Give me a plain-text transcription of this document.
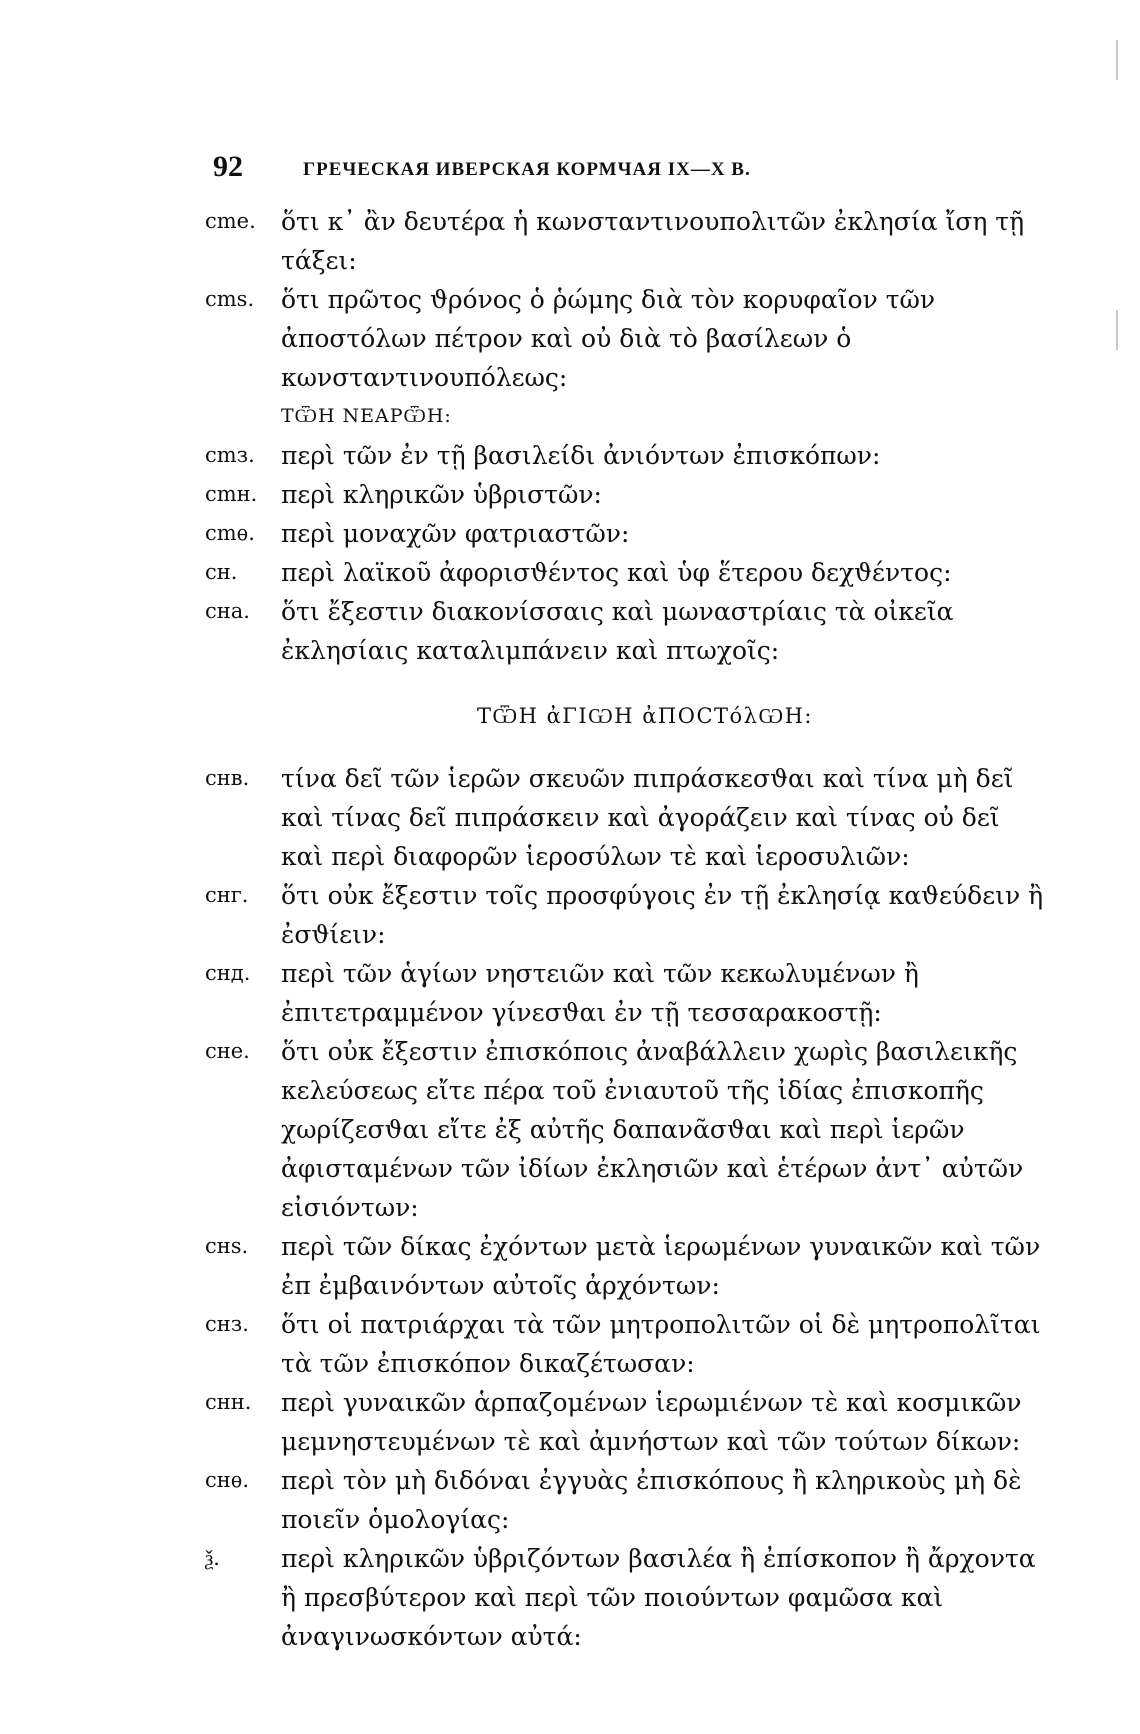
92	ГРЕЧЕСКАЯ ИВЕРСКАЯ КОРМЧАЯ IX—X B.
cme.	ὅτι κ᾽ ἂν δευτέρα ἡ κωνσταντινουπολιτῶν ἐκλησία ἴση τῇ τάξει:
cms.	ὅτι πρῶτος ϑρόνος ὁ ῥώμης διὰ τὸν κορυφαῖον τῶν ἀποστόλων πέτρον καὶ οὐ διὰ τὸ βασίλεων ὁ κωνσταντινουπόλεως:
ΤѾΗ ΝΕΑΡѾΗ:
cmз.	περὶ τῶν ἐν τῇ βασιλείδι ἀνιόντων ἐπισκόπων:
cmн. περὶ κληρικῶν ὑβριστῶν:
cmѳ.	περὶ μοναχῶν φατριαστῶν:
cн.	περὶ λαϊκοῦ ἀφορισϑέντος καὶ ὑφ ἕτερου δεχϑέντος:
cна.	ὅτι ἔξεστιν διακονίσσαις καὶ μωναστρίαις τὰ οἰκεῖα ἐκλησίαις καταλιμπάνειν καὶ πτωχοῖς:
ΤѾΗ ἀΓΙѠΗ ἀΠΟCΤόλѠΗ:
cнв.	τίνα δεῖ τῶν ἱερῶν σκευῶν πιπράσκεσϑαι καὶ τίνα μὴ δεῖ καὶ τίνας δεῖ πιπράσκειν καὶ ἀγοράζειν καὶ τίνας οὐ δεῖ καὶ περὶ διαφορῶν ἱεροσύλων τὲ καὶ ἱεροσυλιῶν:
cнг.	ὅτι οὐκ ἔξεστιν τοῖς προσφύγοις ἐν τῇ ἐκλησίᾳ καϑεύδειν ἢ ἐσϑίειν:
cнд.	περὶ τῶν ἁγίων νηστειῶν καὶ τῶν κεκωλυμένων ἢ ἐπιτετραμμένον γίνεσϑαι ἐν τῇ τεσσαρακοστῇ:
cне.	ὅτι οὐκ ἔξεστιν ἐπισκόποις ἀναβάλλειν χωρὶς βασιλεικῆς κελεύσεως εἴτε πέρα τοῦ ἐνιαυτοῦ τῆς ἰδίας ἐπισκοπῆς χωρίζεσϑαι εἴτε ἐξ αὐτῆς δαπανᾶσϑαι καὶ περὶ ἱερῶν ἀφισταμένων τῶν ἰδίων ἐκλησιῶν καὶ ἑτέρων ἀντ᾽ αὐτῶν εἰσιόντων:
cнs.	περὶ τῶν δίκας ἐχόντων μετὰ ἱερωμένων γυναικῶν καὶ τῶν ἐπ ἐμβαινόντων αὐτοῖς ἀρχόντων:
cнз.	ὅτι οἱ πατριάρχαι τὰ τῶν μητροπολιτῶν οἱ δὲ μητροπολῖται τὰ τῶν ἐπισκόπον δικαζέτωσαν:
cнн.	περὶ γυναικῶν ἁρπαζομένων ἱερωμιένων τὲ καὶ κοσμικῶν μεμνηστευμένων τὲ καὶ ἀμνήστων καὶ τῶν τούτων δίκων:
cнѳ.	περὶ τὸν μὴ διδόναι ἐγγυὰς ἐπισκόπους ἢ κληρικοὺς μὴ δὲ ποιεῖν ὁμολογίας:
ѯ.	περὶ κληρικῶν ὑβριζόντων βασιλέα ἢ ἐπίσκοπον ἢ ἄρχοντα ἢ πρεσβύτερον καὶ περὶ τῶν ποιούντων φαμῶσα καὶ ἀναγινωσκόντων αὐτά:
